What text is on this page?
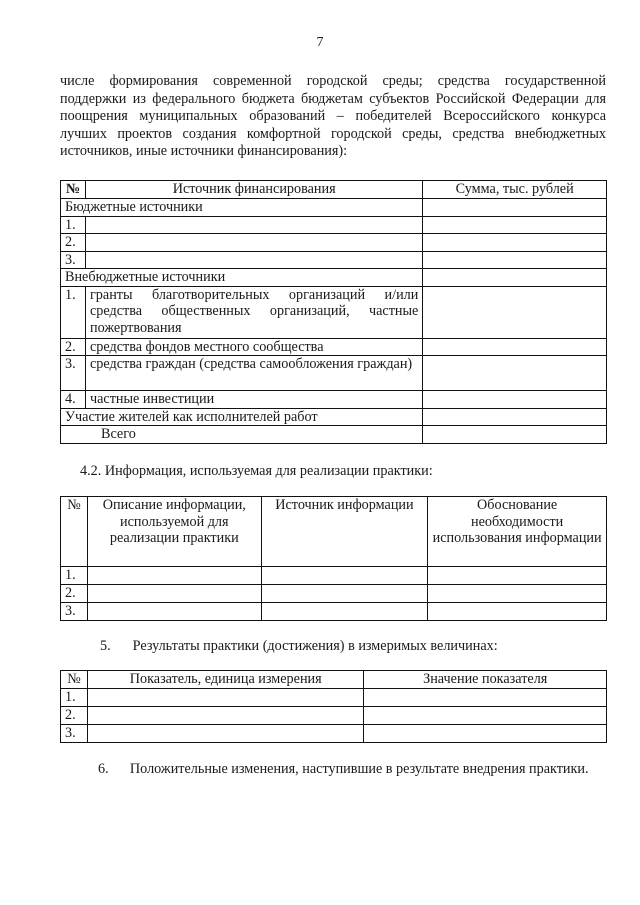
7
числе формирования современной городской среды; средства государственной поддержки из федерального бюджета бюджетам субъектов Российской Федерации для поощрения муниципальных образований – победителей Всероссийского конкурса лучших проектов создания комфортной городской среды, средства внебюджетных источников, иные источники финансирования):
№	Источник финансирования	Сумма, тыс. рублей
Бюджетные источники		
1.		
2.		
3.		
Внебюджетные источники		
1.	гранты благотворительных организаций и/или средства общественных организаций, частные пожертвования	
2.	средства фондов местного сообщества	
3.	средства граждан (средства самообложения граждан)	
4.	частные инвестиции	
Участие жителей как исполнителей работ		
Всего		
4.2. Информация, используемая для реализации практики:
№	Описание информации, используемой для реализации практики	Источник информации	Обоснование необходимости использования информации
1.			
2.			
3.			
5. Результаты практики (достижения) в измеримых величинах:
№	Показатель, единица измерения	Значение показателя
1.		
2.		
3.		
6. Положительные изменения, наступившие в результате внедрения практики.
